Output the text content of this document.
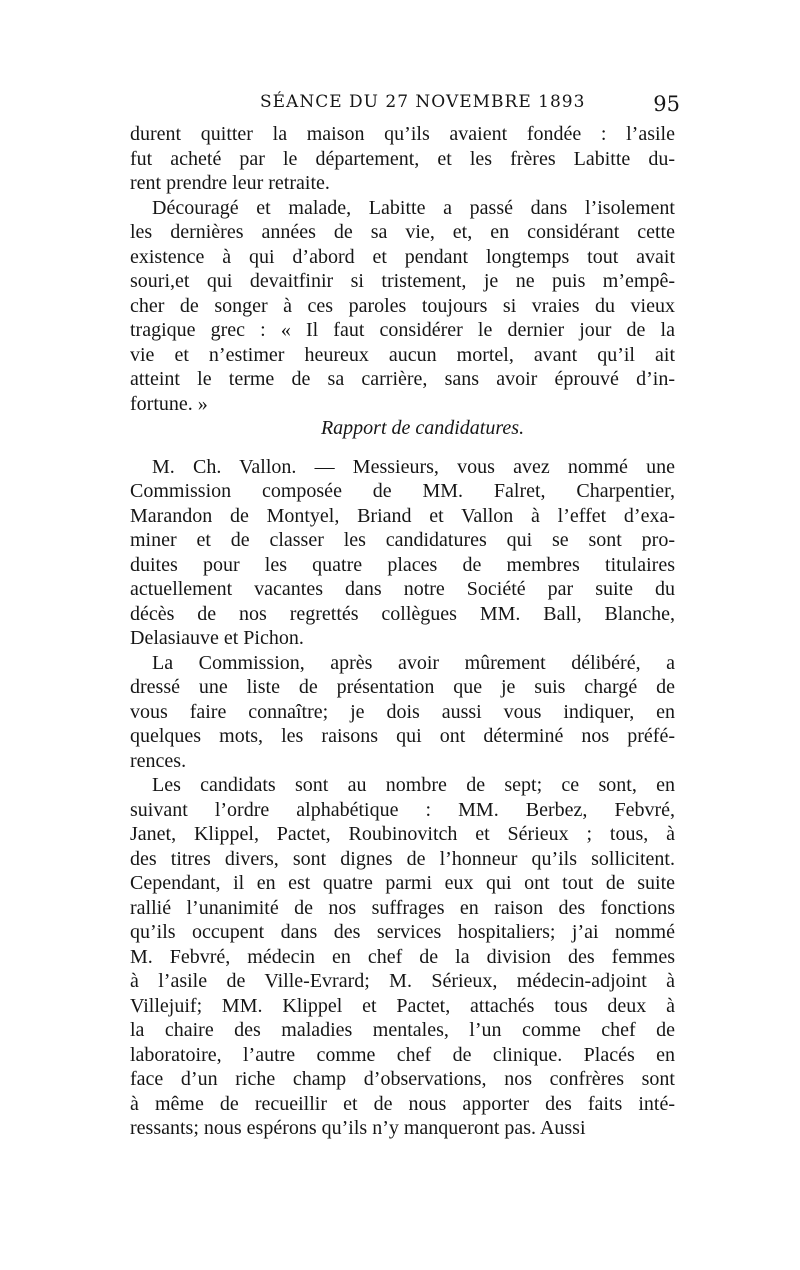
SÉANCE DU 27 NOVEMBRE 1893	95
durent quitter la maison qu’ils avaient fondée : l’asile
fut acheté par le département, et les frères Labitte du-
rent prendre leur retraite.
Découragé et malade, Labitte a passé dans l’isolement
les dernières années de sa vie, et, en considérant cette
existence à qui d’abord et pendant longtemps tout avait
souri,et qui devaitfinir si tristement, je ne puis m’empê-
cher de songer à ces paroles toujours si vraies du vieux
tragique grec : « Il faut considérer le dernier jour de la
vie et n’estimer heureux aucun mortel, avant qu’il ait
atteint le terme de sa carrière, sans avoir éprouvé d’in-
fortune. »
Rapport de candidatures.
M. Ch. Vallon. — Messieurs, vous avez nommé une
Commission composée de MM. Falret, Charpentier,
Marandon de Montyel, Briand et Vallon à l’effet d’exa-
miner et de classer les candidatures qui se sont pro-
duites pour les quatre places de membres titulaires
actuellement vacantes dans notre Société par suite du
décès de nos regrettés collègues MM. Ball, Blanche,
Delasiauve et Pichon.
La Commission, après avoir mûrement délibéré, a
dressé une liste de présentation que je suis chargé de
vous faire connaître; je dois aussi vous indiquer, en
quelques mots, les raisons qui ont déterminé nos préfé-
rences.
Les candidats sont au nombre de sept; ce sont, en
suivant l’ordre alphabétique : MM. Berbez, Febvré,
Janet, Klippel, Pactet, Roubinovitch et Sérieux ; tous, à
des titres divers, sont dignes de l’honneur qu’ils sollicitent.
Cependant, il en est quatre parmi eux qui ont tout de suite
rallié l’unanimité de nos suffrages en raison des fonctions
qu’ils occupent dans des services hospitaliers; j’ai nommé
M. Febvré, médecin en chef de la division des femmes
à l’asile de Ville-Evrard; M. Sérieux, médecin-adjoint à
Villejuif; MM. Klippel et Pactet, attachés tous deux à
la chaire des maladies mentales, l’un comme chef de
laboratoire, l’autre comme chef de clinique. Placés en
face d’un riche champ d’observations, nos confrères sont
à même de recueillir et de nous apporter des faits inté-
ressants; nous espérons qu’ils n’y manqueront pas. Aussi
